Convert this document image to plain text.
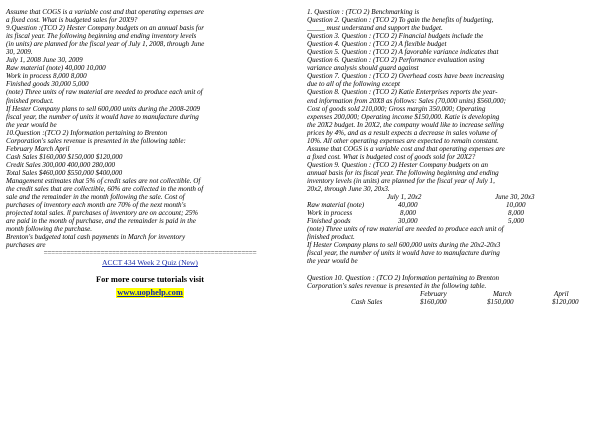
Assume that COGS is a variable cost and that operating expenses are
a fixed cost. What is budgeted sales for 20X9?
9.Question :(TCO 2) Hester Company budgets on an annual basis for
its fiscal year. The following beginning and ending inventory levels
(in units) are planned for the fiscal year of July 1, 2008, through June
30, 2009.
July 1, 2008 June 30, 2009
Raw material (note) 40,000 10,000
Work in process 8,000 8,000
Finished goods 30,000 5,000
(note) Three units of raw material are needed to produce each unit of
finished product.
If Hester Company plans to sell 600,000 units during the 2008-2009
fiscal year, the number of units it would have to manufacture during
the year would be
10.Question :(TCO 2) Information pertaining to Brenton
Corporation's sales revenue is presented in the following table:
February March April
Cash Sales $160,000 $150,000 $120,000
Credit Sales 300,000 400,000 280,000
Total Sales $460,000 $550,000 $400,000
Management estimates that 5% of credit sales are not collectible. Of
the credit sales that are collectible, 60% are collected in the month of
sale and the remainder in the month following the sale. Cost of
purchases of inventory each month are 70% of the next month's
projected total sales. ll purchases of inventory are on account; 25%
are paid in the month of purchase, and the remainder is paid in the
month following the purchase.
Brenton's budgeted total cash payments in March for inventory
purchases are
========================================================
ACCT 434 Week 2 Quiz (New)
For more course tutorials visit
www.uophelp.com
1. Question : (TCO 2) Benchmarking is
Question 2. Question : (TCO 2) To gain the benefits of budgeting,
_____ must understand and support the budget.
Question 3. Question : (TCO 2) Financial budgets include the
Question 4. Question : (TCO 2) A flexible budget
Question 5. Question : (TCO 2) A favorable variance indicates that
Question 6. Question : (TCO 2) Performance evaluation using
variance analysis should guard against
Question 7. Question : (TCO 2) Overhead costs have been increasing
due to all of the following except
Question 8. Question : (TCO 2) Katie Enterprises reports the year-
end information from 20X8 as follows: Sales (70,000 units) $560,000;
Cost of goods sold 210,000; Gross margin 350,000; Operating
expenses 200,000; Operating income $150,000. Katie is developing
the 20X2 budget. In 20X2, the company would like to increase selling
prices by 4%, and as a result expects a decrease in sales volume of
10%. All other operating expenses are expected to remain constant.
Assume that COGS is a variable cost and that operating expenses are
a fixed cost. What is budgeted cost of goods sold for 20X2?
Question 9. Question : (TCO 2) Hester Company budgets on an
annual basis for its fiscal year. The following beginning and ending
inventory levels (in units) are planned for the fiscal year of July 1,
20x2, through June 30, 20x3.
July 1, 20x2	June 30, 20x3
Raw material (note)	40,000	10,000
Work in process	8,000	8,000
Finished goods	30,000	5,000
(note) Three units of raw material are needed to produce each unit of
finished product.
If Hester Company plans to sell 600,000 units during the 20x2-20x3
fiscal year, the number of units it would have to manufacture during
the year would be
Question 10. Question : (TCO 2) Information pertaining to Brenton
Corporation's sales revenue is presented in the following table.
February	March	April
Cash Sales	$160,000	$150,000	$120,000
